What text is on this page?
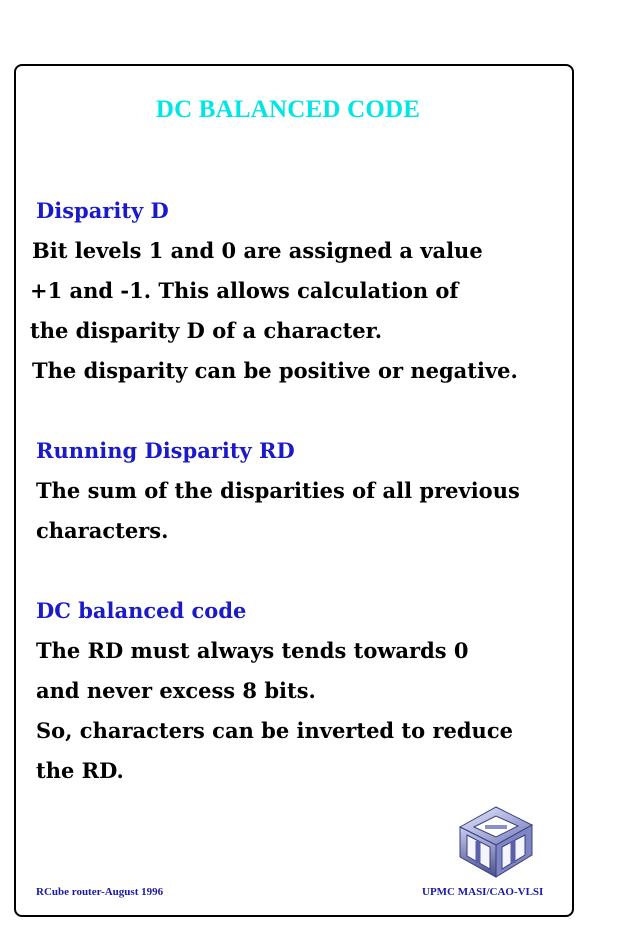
DC BALANCED CODE
Disparity D
Bit levels 1 and 0 are assigned a value
+1 and -1. This allows calculation of
the disparity D of a character.
The disparity can be positive or negative.
Running Disparity RD
The sum of the disparities of all previous
characters.
DC balanced code
The RD must always tends towards 0
and never excess 8 bits.
So, characters can be inverted to reduce
the RD.
RCube router-August 1996	UPMC MASI/CAO-VLSI
